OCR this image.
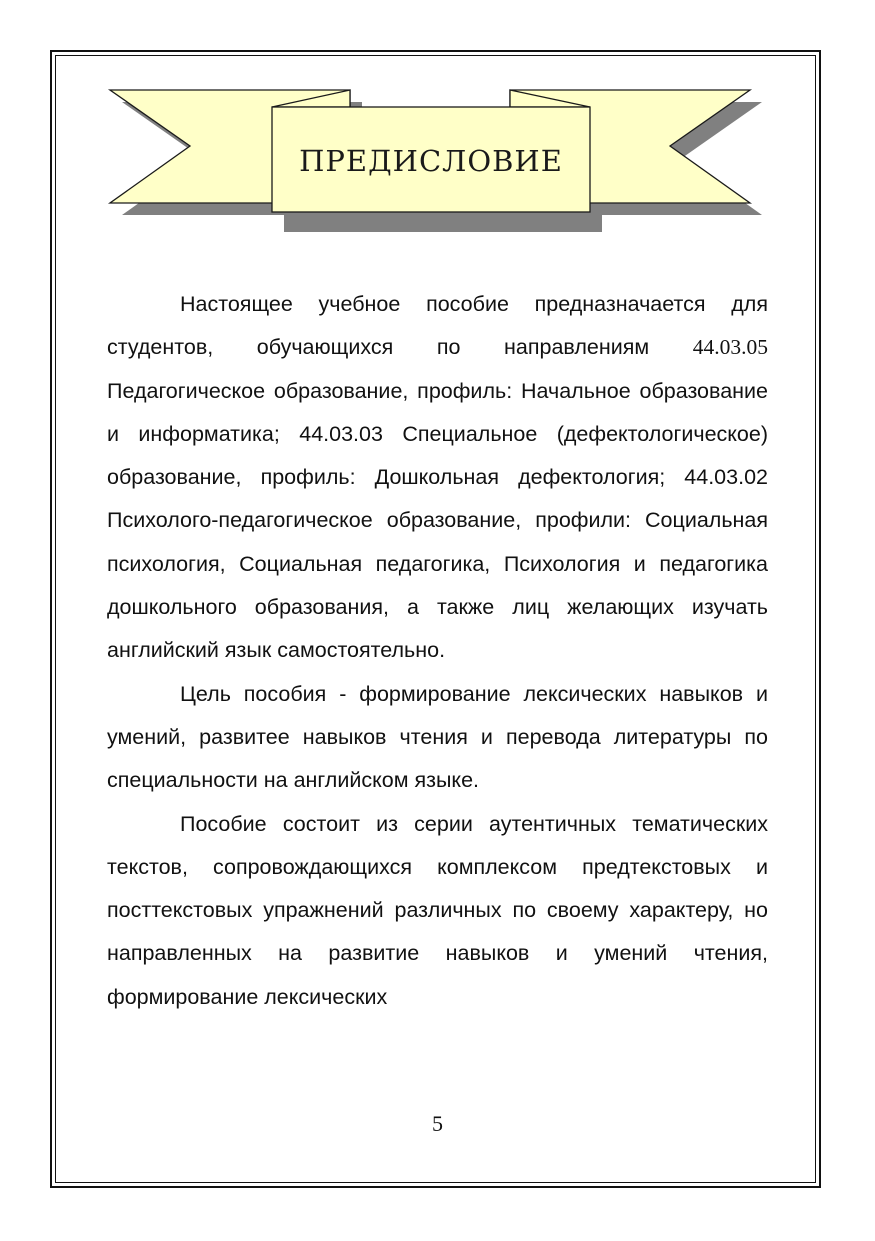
ПРЕДИСЛОВИЕ

Настоящее учебное пособие предназначается для студентов, обучающихся по направлениям 44.03.05 Педагогическое образование, профиль: Начальное образование и информатика; 44.03.03 Специальное (дефектологическое) образование, профиль: Дошкольная дефектология; 44.03.02 Психолого-педагогическое образование, профили: Социальная психология, Социальная педагогика, Психология и педагогика дошкольного образования, а также лиц желающих изучать английский язык самостоятельно.

Цель пособия - формирование лексических навыков и умений, развитее навыков чтения и перевода литературы по специальности на английском языке.

Пособие состоит из серии аутентичных тематических текстов, сопровождающихся комплексом предтекстовых и посттекстовых упражнений различных по своему характеру, но направленных на развитие навыков и умений чтения, формирование лексических

5
